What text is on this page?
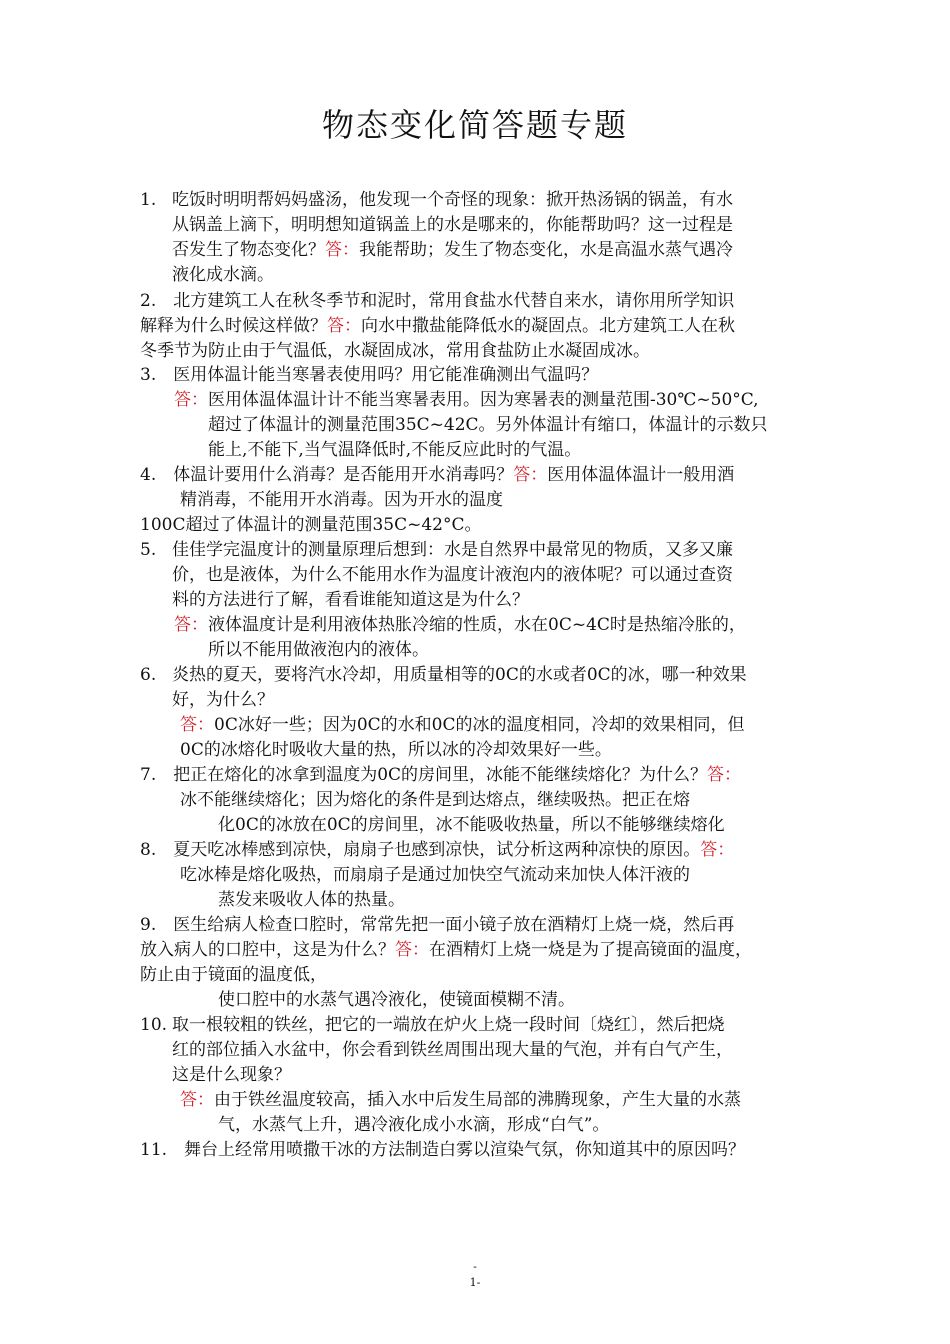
物态变化简答题专题
1. 吃饭时明明帮妈妈盛汤，他发现一个奇怪的现象：掀开热汤锅的锅盖，有水
从锅盖上滴下，明明想知道锅盖上的水是哪来的，你能帮助吗？这一过程是
否发生了物态变化？答：我能帮助；发生了物态变化，水是高温水蒸气遇冷
液化成水滴。
2.　北方建筑工人在秋冬季节和泥时，常用食盐水代替自来水，请你用所学知识
解释为什么时候这样做？答：向水中撒盐能降低水的凝固点。北方建筑工人在秋
冬季节为防止由于气温低，水凝固成冰，常用食盐防止水凝固成冰。
3.　医用体温计能当寒暑表使用吗？用它能准确测出气温吗？
答：医用体温体温计计不能当寒暑表用。因为寒暑表的测量范围-30℃~50°C,
超过了体温计的测量范围35C~42C。另外体温计有缩口，体温计的示数只
能上,不能下,当气温降低时,不能反应此时的气温。
4.　体温计要用什么消毒？是否能用开水消毒吗？答：医用体温体温计一般用酒
精消毒，不能用开水消毒。因为开水的温度
100C超过了体温计的测量范围35C~42°C。
5. 佳佳学完温度计的测量原理后想到：水是自然界中最常见的物质，又多又廉
价，也是液体，为什么不能用水作为温度计液泡内的液体呢？可以通过查资
料的方法进行了解，看看谁能知道这是为什么？
答：液体温度计是利用液体热胀冷缩的性质，水在0C~4C时是热缩冷胀的，
所以不能用做液泡内的液体。
6. 炎热的夏天，要将汽水冷却，用质量相等的0C的水或者0C的冰，哪一种效果
好，为什么？
答：0C冰好一些；因为0C的水和0C的冰的温度相同，冷却的效果相同，但
0C的冰熔化时吸收大量的热，所以冰的冷却效果好一些。
7.　把正在熔化的冰拿到温度为0C的房间里，冰能不能继续熔化？为什么？答：
冰不能继续熔化；因为熔化的条件是到达熔点，继续吸热。把正在熔
化0C的冰放在0C的房间里，冰不能吸收热量，所以不能够继续熔化
8.　夏天吃冰棒感到凉快，扇扇子也感到凉快，试分析这两种凉快的原因。答：
吃冰棒是熔化吸热，而扇扇子是通过加快空气流动来加快人体汗液的
蒸发来吸收人体的热量。
9.　医生给病人检查口腔时，常常先把一面小镜子放在酒精灯上烧一烧，然后再
放入病人的口腔中，这是为什么？答：在酒精灯上烧一烧是为了提高镜面的温度，
防止由于镜面的温度低，
使口腔中的水蒸气遇冷液化，使镜面模糊不清。
10. 取一根较粗的铁丝，把它的一端放在炉火上烧一段时间〔烧红〕，然后把烧
红的部位插入水盆中，你会看到铁丝周围出现大量的气泡，并有白气产生，
这是什么现象？
答：由于铁丝温度较高，插入水中后发生局部的沸腾现象，产生大量的水蒸
气，水蒸气上升，遇冷液化成小水滴，形成“白气”。
11.　舞台上经常用喷撒干冰的方法制造白雾以渲染气氛，你知道其中的原因吗？
-
1-
